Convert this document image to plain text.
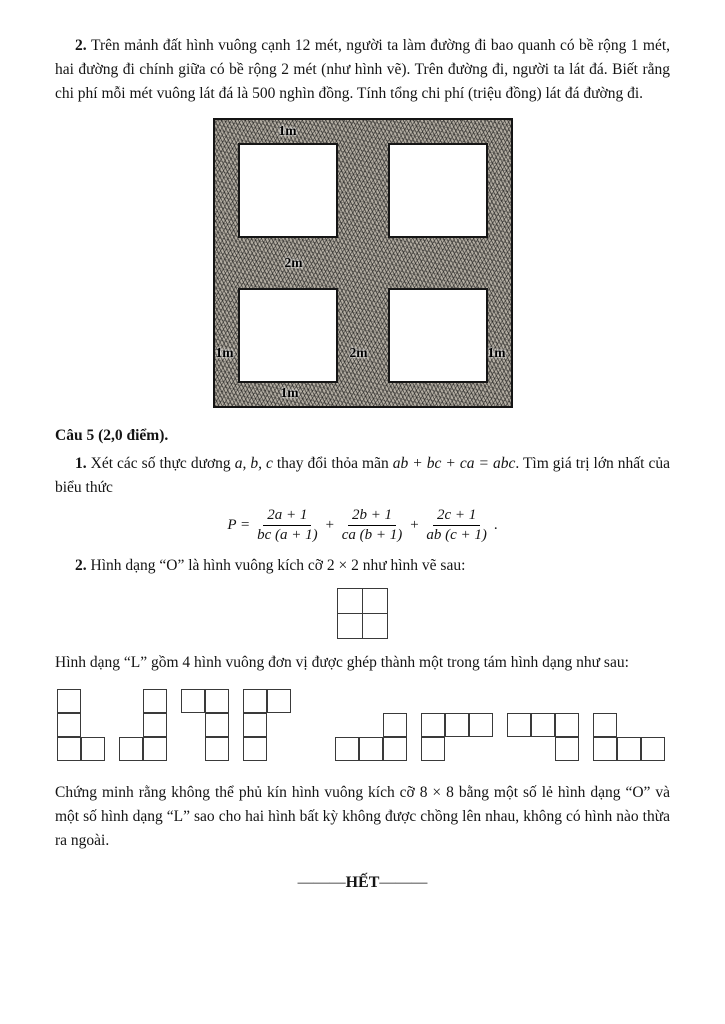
2. Trên mảnh đất hình vuông cạnh 12 mét, người ta làm đường đi bao quanh có bề rộng 1 mét, hai đường đi chính giữa có bề rộng 2 mét (như hình vẽ). Trên đường đi, người ta lát đá. Biết rằng chi phí mỗi mét vuông lát đá là 500 nghìn đồng. Tính tổng chi phí (triệu đồng) lát đá đường đi.

1m
2m
1m	2m	1m
1m

Câu 5 (2,0 điểm).

1. Xét các số thực dương a, b, c thay đổi thỏa mãn ab + bc + ca = abc. Tìm giá trị lớn nhất của biểu thức

$P = \frac{2a + 1}{bc (a + 1)} + \frac{2b + 1}{ca (b + 1)} + \frac{2c + 1}{ab (c + 1)}$ .

2. Hình dạng “O” là hình vuông kích cỡ 2 × 2 như hình vẽ sau:

Hình dạng “L” gồm 4 hình vuông đơn vị được ghép thành một trong tám hình dạng như sau:

Chứng minh rằng không thể phủ kín hình vuông kích cỡ 8 × 8 bằng một số lẻ hình dạng “O” và một số hình dạng “L” sao cho hai hình bất kỳ không được chồng lên nhau, không có hình nào thừa ra ngoài.

———HẾT———
